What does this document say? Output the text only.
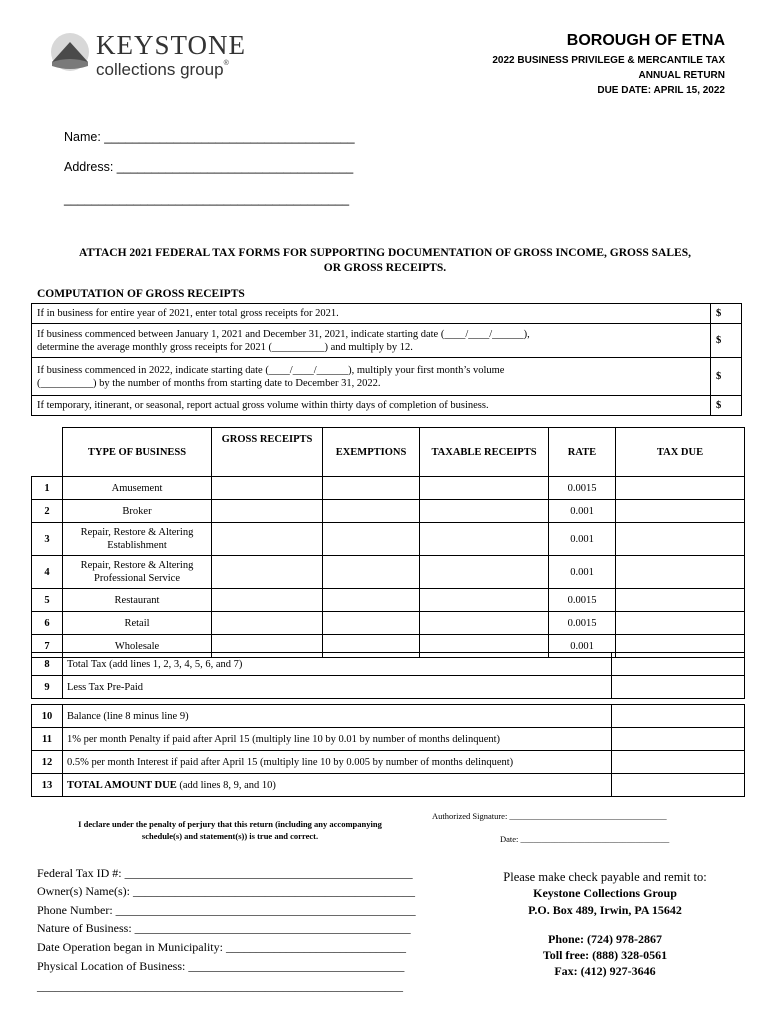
KEYSTONE
collections group®
BOROUGH OF ETNA
2022 BUSINESS PRIVILEGE & MERCANTILE TAX
ANNUAL RETURN
DUE DATE: APRIL 15, 2022
Name: ____________________________________
Address: __________________________________
_________________________________________
ATTACH 2021 FEDERAL TAX FORMS FOR SUPPORTING DOCUMENTATION OF GROSS INCOME, GROSS SALES,
OR GROSS RECEIPTS.
COMPUTATION OF GROSS RECEIPTS
If in business for entire year of 2021, enter total gross receipts for 2021.	$

If business commenced between January 1, 2021 and December 31, 2021, indicate starting date (____/____/______),
determine the average monthly gross receipts for 2021 (__________) and multiply by 12.	$

If business commenced in 2022, indicate starting date (____/____/______), multiply your first month’s volume
(__________) by the number of months from starting date to December 31, 2022.	$
If temporary, itinerant, or seasonal, report actual gross volume within thirty days of completion of business.	$
	TYPE OF BUSINESS	GROSS RECEIPTS	EXEMPTIONS	TAXABLE RECEIPTS	RATE	TAX DUE
1	Amusement				0.0015	
2	Broker				0.001	
3	Repair, Restore & Altering
Establishment				0.001	
4	Repair, Restore & Altering
Professional Service				0.001	
5	Restaurant				0.0015	
6	Retail				0.0015	
7	Wholesale				0.001	
8	Total Tax (add lines 1, 2, 3, 4, 5, 6, and 7)	
9	Less Tax Pre-Paid	
10	Balance (line 8 minus line 9)	
11	1% per month Penalty if paid after April 15 (multiply line 10 by 0.01 by number of months delinquent)	
12	0.5% per month Interest if paid after April 15 (multiply line 10 by 0.005 by number of months delinquent)	
13	TOTAL AMOUNT DUE (add lines 8, 9, and 10)	
I declare under the penalty of perjury that this return (including any accompanying
schedule(s) and statement(s)) is true and correct.
Authorized Signature: _____________________________________
Date: ___________________________________
Federal Tax ID #: ________________________________________________
Owner(s) Name(s): _______________________________________________
Phone Number: __________________________________________________
Nature of Business: ______________________________________________
Date Operation began in Municipality: ______________________________
Physical Location of Business: ____________________________________
_____________________________________________________________
Please make check payable and remit to:
Keystone Collections Group
P.O. Box 489, Irwin, PA 15642
Phone: (724) 978-2867
Toll free: (888) 328-0561
Fax: (412) 927-3646
